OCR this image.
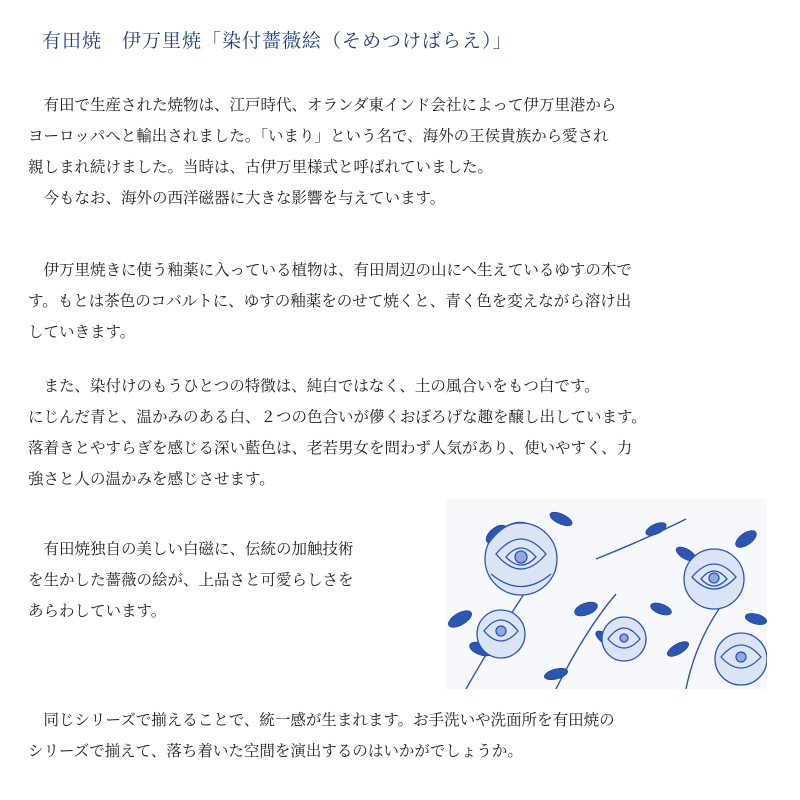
有田焼　伊万里焼「染付薔薇絵（そめつけばらえ）」
有田で生産された焼物は、江戸時代、オランダ東インド会社によって伊万里港から
ヨーロッパへと輸出されました。「いまり」という名で、海外の王侯貴族から愛され
親しまれ続けました。当時は、古伊万里様式と呼ばれていました。
今もなお、海外の西洋磁器に大きな影響を与えています。
伊万里焼きに使う釉薬に入っている植物は、有田周辺の山にへ生えているゆすの木で
す。もとは茶色のコバルトに、ゆすの釉薬をのせて焼くと、青く色を変えながら溶け出
していきます。
また、染付けのもうひとつの特徴は、純白ではなく、土の風合いをもつ白です。
にじんだ青と、温かみのある白、２つの色合いが儚くおぼろげな趣を醸し出しています。
落着きとやすらぎを感じる深い藍色は、老若男女を問わず人気があり、使いやすく、力
強さと人の温かみを感じさせます。
有田焼独自の美しい白磁に、伝統の加触技術
を生かした薔薇の絵が、上品さと可愛らしさを
あらわしています。
同じシリーズで揃えることで、統一感が生まれます。お手洗いや洗面所を有田焼の
シリーズで揃えて、落ち着いた空間を演出するのはいかがでしょうか。
